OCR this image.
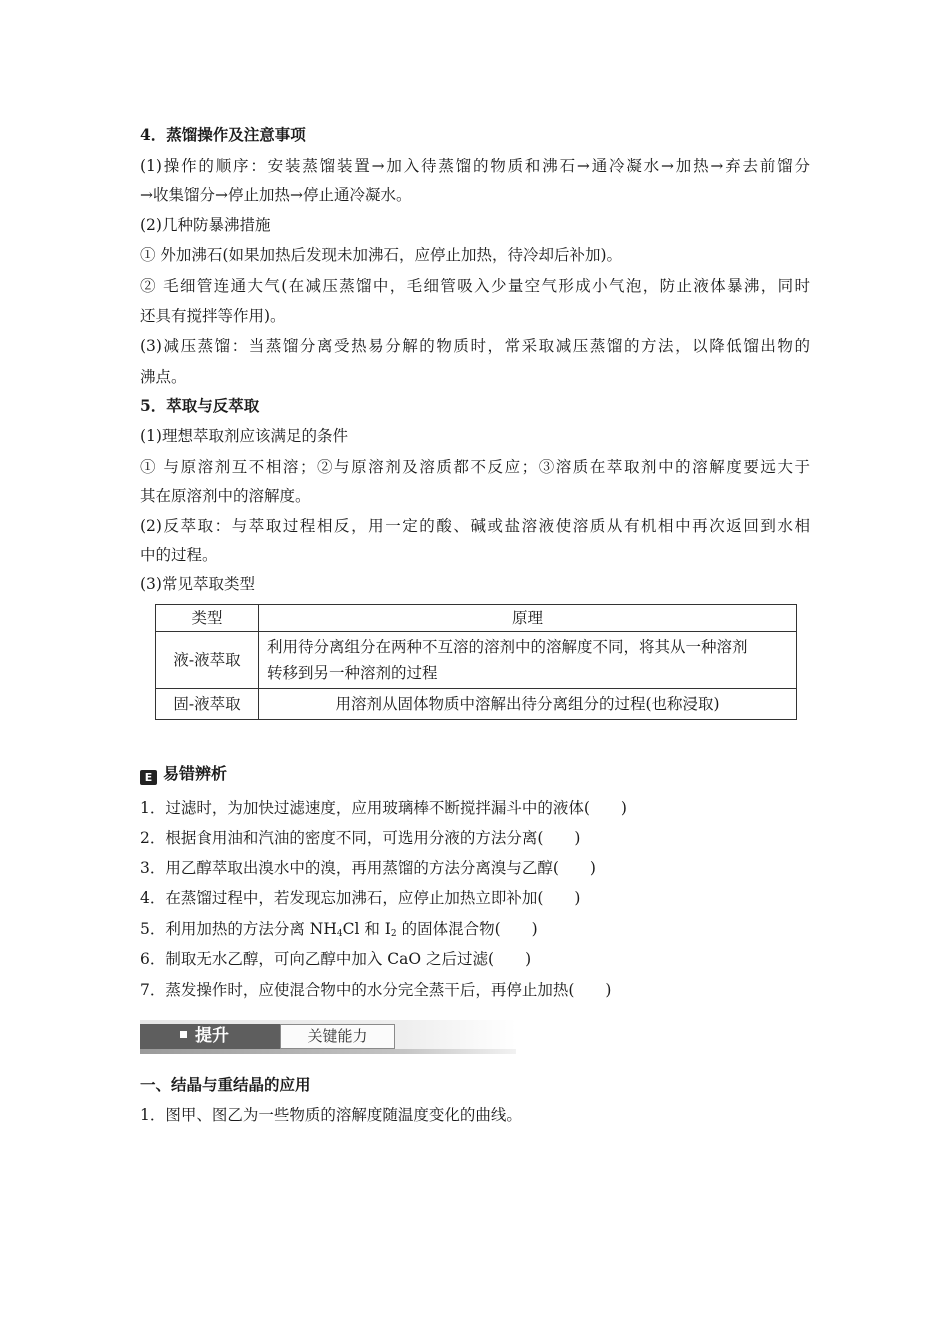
4．蒸馏操作及注意事项
(1)操作的顺序：安装蒸馏装置→加入待蒸馏的物质和沸石→通冷凝水→加热→弃去前馏分
→收集馏分→停止加热→停止通冷凝水。
(2)几种防暴沸措施
① 外加沸石(如果加热后发现未加沸石，应停止加热，待冷却后补加)。
② 毛细管连通大气(在减压蒸馏中，毛细管吸入少量空气形成小气泡，防止液体暴沸，同时
还具有搅拌等作用)。
(3)减压蒸馏：当蒸馏分离受热易分解的物质时，常采取减压蒸馏的方法，以降低馏出物的
沸点。
5．萃取与反萃取
(1)理想萃取剂应该满足的条件
① 与原溶剂互不相溶；②与原溶剂及溶质都不反应；③溶质在萃取剂中的溶解度要远大于
其在原溶剂中的溶解度。
(2)反萃取：与萃取过程相反，用一定的酸、碱或盐溶液使溶质从有机相中再次返回到水相
中的过程。
(3)常见萃取类型
类型	原理
液-液萃取	利用待分离组分在两种不互溶的溶剂中的溶解度不同，将其从一种溶剂
转移到另一种溶剂的过程

固-液萃取	用溶剂从固体物质中溶解出待分离组分的过程(也称浸取)
E 易错辨析
1．过滤时，为加快过滤速度，应用玻璃棒不断搅拌漏斗中的液体(　　)
2．根据食用油和汽油的密度不同，可选用分液的方法分离(　　)
3．用乙醇萃取出溴水中的溴，再用蒸馏的方法分离溴与乙醇(　　)
4．在蒸馏过程中，若发现忘加沸石，应停止加热立即补加(　　)
5．利用加热的方法分离 $NH_4Cl$ 和 $I_2$ 的固体混合物(　　)
6．制取无水乙醇，可向乙醇中加入 CaO 之后过滤(　　)
7．蒸发操作时，应使混合物中的水分完全蒸干后，再停止加热(　　)
提升	关键能力
一、结晶与重结晶的应用
1．图甲、图乙为一些物质的溶解度随温度变化的曲线。
